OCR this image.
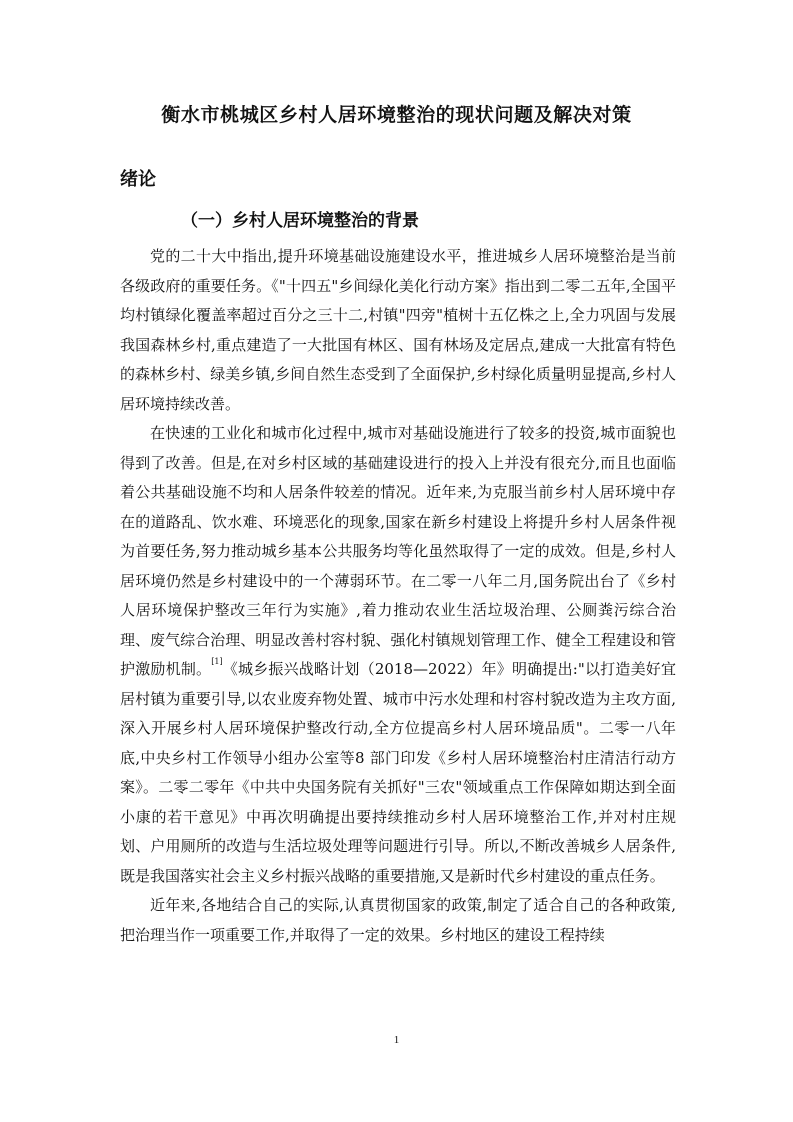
衡水市桃城区乡村人居环境整治的现状问题及解决对策
绪论
（一）乡村人居环境整治的背景

党的二十大中指出,提升环境基础设施建设水平，推进城乡人居环境整治是当前各级政府的重要任务。《"十四五"乡间绿化美化行动方案》指出到二零二五年,全国平均村镇绿化覆盖率超过百分之三十二,村镇"四旁"植树十五亿株之上,全力巩固与发展我国森林乡村,重点建造了一大批国有林区、国有林场及定居点,建成一大批富有特色的森林乡村、绿美乡镇,乡间自然生态受到了全面保护,乡村绿化质量明显提高,乡村人居环境持续改善。

在快速的工业化和城市化过程中,城市对基础设施进行了较多的投资,城市面貌也得到了改善。但是,在对乡村区域的基础建设进行的投入上并没有很充分,而且也面临着公共基础设施不均和人居条件较差的情况。近年来,为克服当前乡村人居环境中存在的道路乱、饮水难、环境恶化的现象,国家在新乡村建设上将提升乡村人居条件视为首要任务,努力推动城乡基本公共服务均等化虽然取得了一定的成效。但是,乡村人居环境仍然是乡村建设中的一个薄弱环节。在二零一八年二月,国务院出台了《乡村人居环境保护整改三年行为实施》,着力推动农业生活垃圾治理、公厕粪污综合治理、废气综合治理、明显改善村容村貌、强化村镇规划管理工作、健全工程建设和管护激励机制。[1]《城乡振兴战略计划（2018—2022）年》明确提出:"以打造美好宜居村镇为重要引导,以农业废弃物处置、城市中污水处理和村容村貌改造为主攻方面,深入开展乡村人居环境保护整改行动,全方位提高乡村人居环境品质"。二零一八年底,中央乡村工作领导小组办公室等8 部门印发《乡村人居环境整治村庄清洁行动方案》。二零二零年《中共中央国务院有关抓好"三农"领域重点工作保障如期达到全面小康的若干意见》中再次明确提出要持续推动乡村人居环境整治工作,并对村庄规划、户用厕所的改造与生活垃圾处理等问题进行引导。所以,不断改善城乡人居条件,既是我国落实社会主义乡村振兴战略的重要措施,又是新时代乡村建设的重点任务。

近年来,各地结合自己的实际,认真贯彻国家的政策,制定了适合自己的各种政策,把治理当作一项重要工作,并取得了一定的效果。乡村地区的建设工程持续

1
